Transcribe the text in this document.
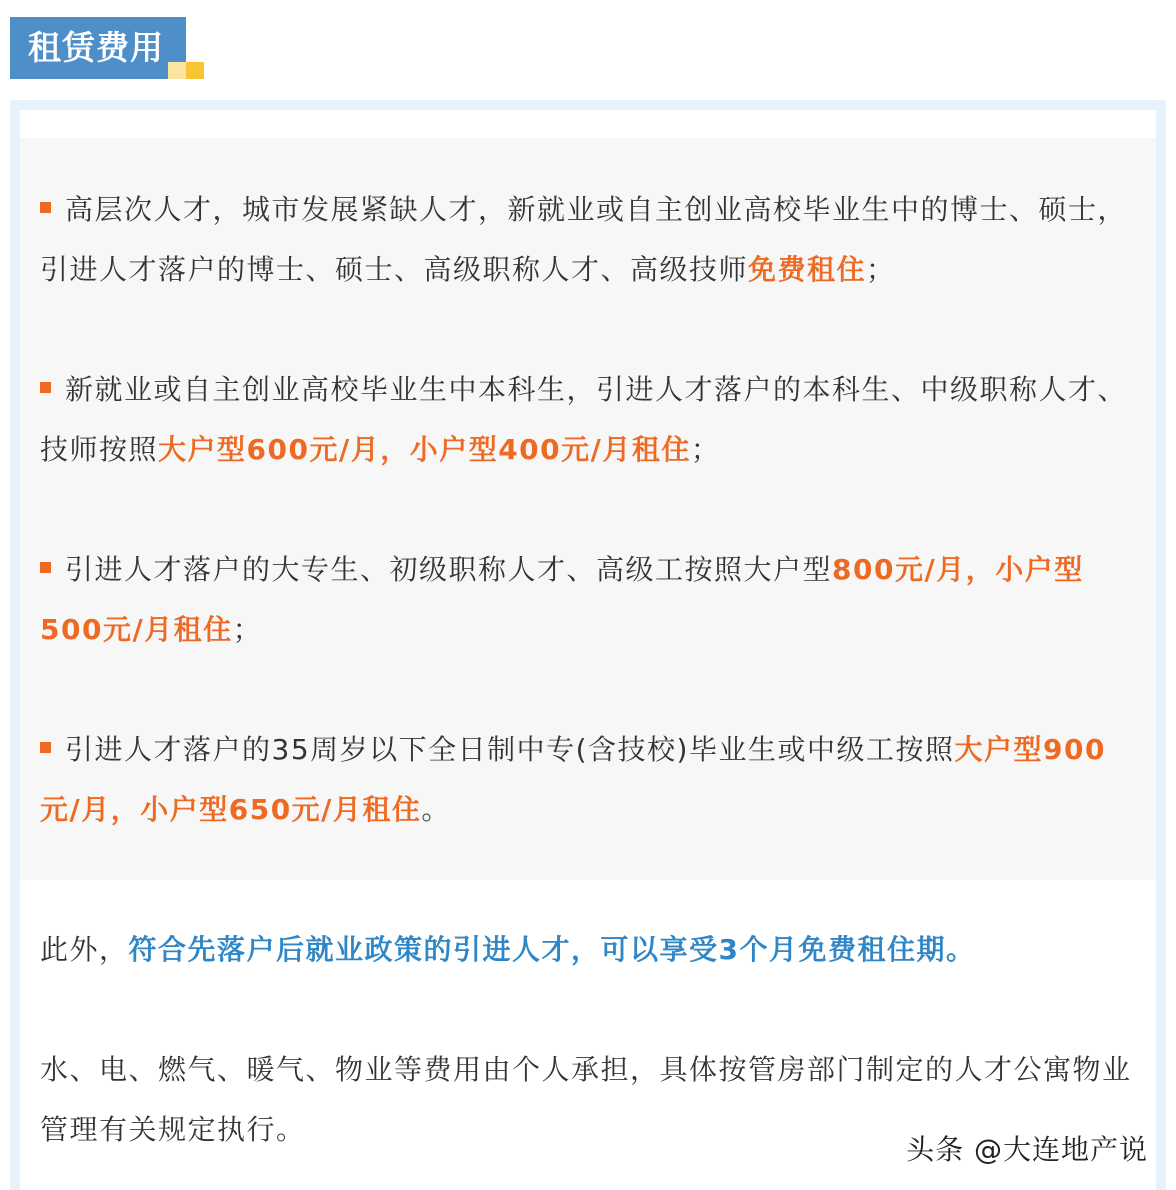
租赁费用
高层次人才，城市发展紧缺人才，新就业或自主创业高校毕业生中的博士、硕士，引进人才落户的博士、硕士、高级职称人才、高级技师免费租住；
新就业或自主创业高校毕业生中本科生，引进人才落户的本科生、中级职称人才、技师按照大户型600元/月，小户型400元/月租住；
引进人才落户的大专生、初级职称人才、高级工按照大户型800元/月，小户型500元/月租住；
引进人才落户的35周岁以下全日制中专(含技校)毕业生或中级工按照大户型900元/月，小户型650元/月租住。
此外，符合先落户后就业政策的引进人才，可以享受3个月免费租住期。
水、电、燃气、暖气、物业等费用由个人承担，具体按管房部门制定的人才公寓物业管理有关规定执行。
头条 @大连地产说
